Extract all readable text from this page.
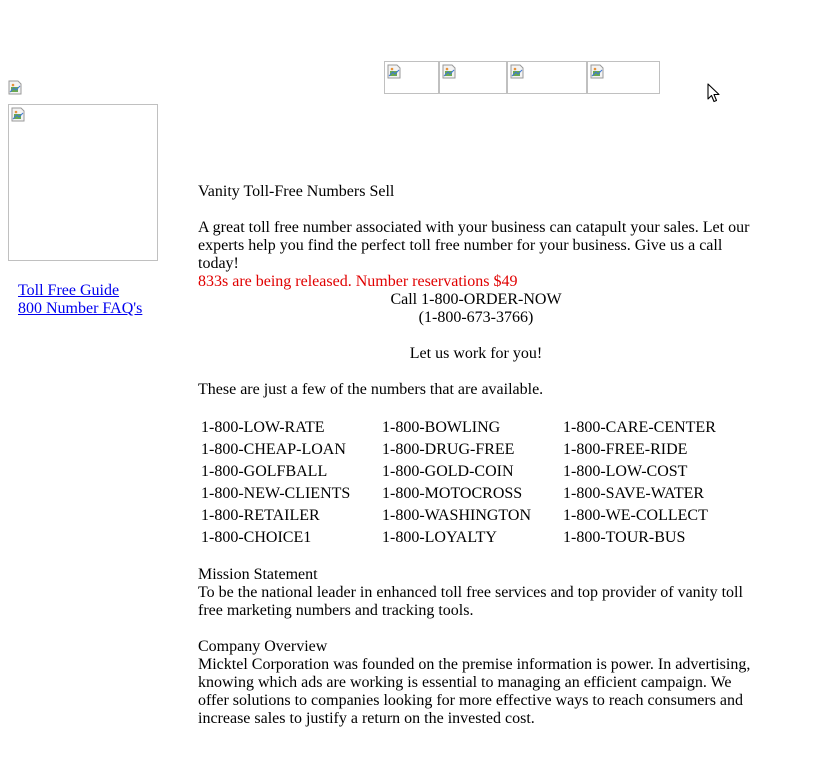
Toll Free Guide
800 Number FAQ's

Vanity Toll-Free Numbers Sell

A great toll free number associated with your business can catapult your sales. Let our experts help you find the perfect toll free number for your business. Give us a call today!

833s are being released. Number reservations $49

Call 1-800-ORDER-NOW

(1-800-673-3766)

Let us work for you!

These are just a few of the numbers that are available.

1-800-LOW-RATE	1-800-BOWLING	1-800-CARE-CENTER
1-800-CHEAP-LOAN	1-800-DRUG-FREE	1-800-FREE-RIDE
1-800-GOLFBALL	1-800-GOLD-COIN	1-800-LOW-COST
1-800-NEW-CLIENTS	1-800-MOTOCROSS	1-800-SAVE-WATER
1-800-RETAILER	1-800-WASHINGTON	1-800-WE-COLLECT
1-800-CHOICE1	1-800-LOYALTY	1-800-TOUR-BUS

Mission Statement

To be the national leader in enhanced toll free services and top provider of vanity toll free marketing numbers and tracking tools.

Company Overview

Micktel Corporation was founded on the premise information is power. In advertising, knowing which ads are working is essential to managing an efficient campaign. We offer solutions to companies looking for more effective ways to reach consumers and increase sales to justify a return on the invested cost.
